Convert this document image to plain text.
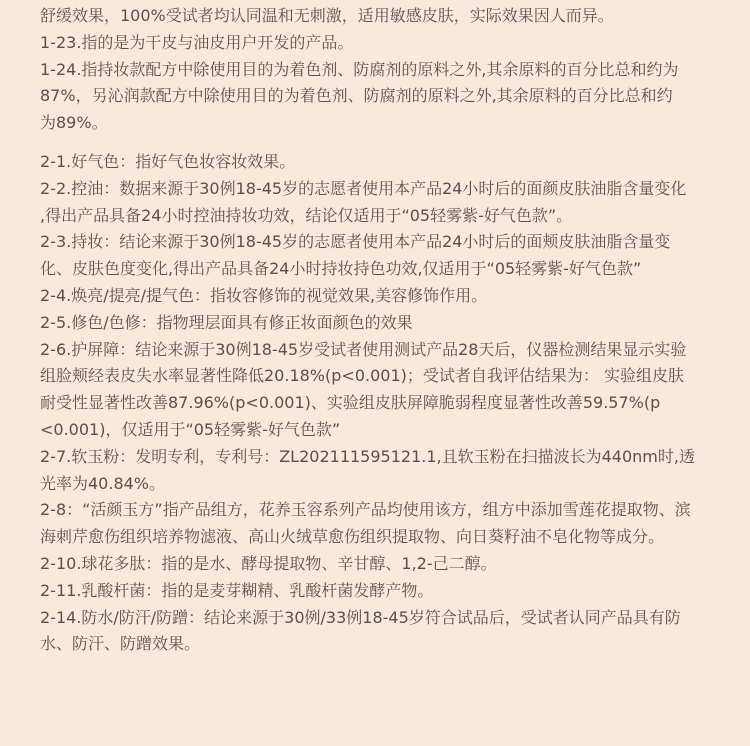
舒缓效果，100%受试者均认同温和无刺激，适用敏感皮肤，实际效果因人而异。

1-23.指的是为干皮与油皮用户开发的产品。

1-24.指持妆款配方中除使用目的为着色剂、防腐剂的原料之外,其余原料的百分比总和约为
87%，另沁润款配方中除使用目的为着色剂、防腐剂的原料之外,其余原料的百分比总和约
为89%。

2-1.好气色：指好气色妆容妆效果。

2-2.控油：数据来源于30例18-45岁的志愿者使用本产品24小时后的面颜皮肤油脂含量变化
,得出产品具备24小时控油持妆功效，结论仅适用于“05轻雾紫-好气色款”。

2-3.持妆：结论来源于30例18-45岁的志愿者使用本产品24小时后的面颊皮肤油脂含量变
化、皮肤色度变化,得出产品具备24小时持妆持色功效,仅适用于“05轻雾紫-好气色款”

2-4.焕亮/提亮/提气色：指妆容修饰的视觉效果,美容修饰作用。

2-5.修色/色修：指物理层面具有修正妆面颜色的效果

2-6.护屏障：结论来源于30例18-45岁受试者使用测试产品28天后，仪器检测结果显示实验
组脸颊经表皮失水率显著性降低20.18%(p<0.001)；受试者自我评估结果为： 实验组皮肤
耐受性显著性改善87.96%(p<0.001)、实验组皮肤屏障脆弱程度显著性改善59.57%(p
<0.001)，仅适用于“05轻雾紫-好气色款”

2-7.软玉粉：发明专利，专利号：ZL202111595121.1,且软玉粉在扫描波长为440nm时,透
光率为40.84%。

2-8：“活颜玉方”指产品组方，花养玉容系列产品均使用该方，组方中添加雪莲花提取物、滨
海刺芹愈伤组织培养物滤液、高山火绒草愈伤组织提取物、向日葵籽油不皂化物等成分。

2-10.球花多肽：指的是水、酵母提取物、辛甘醇、1,2-己二醇。

2-11.乳酸杆菌：指的是麦芽糊精、乳酸杆菌发酵产物。

2-14.防水/防汗/防蹭：结论来源于30例/33例18-45岁符合试品后，受试者认同产品具有防
水、防汗、防蹭效果。
